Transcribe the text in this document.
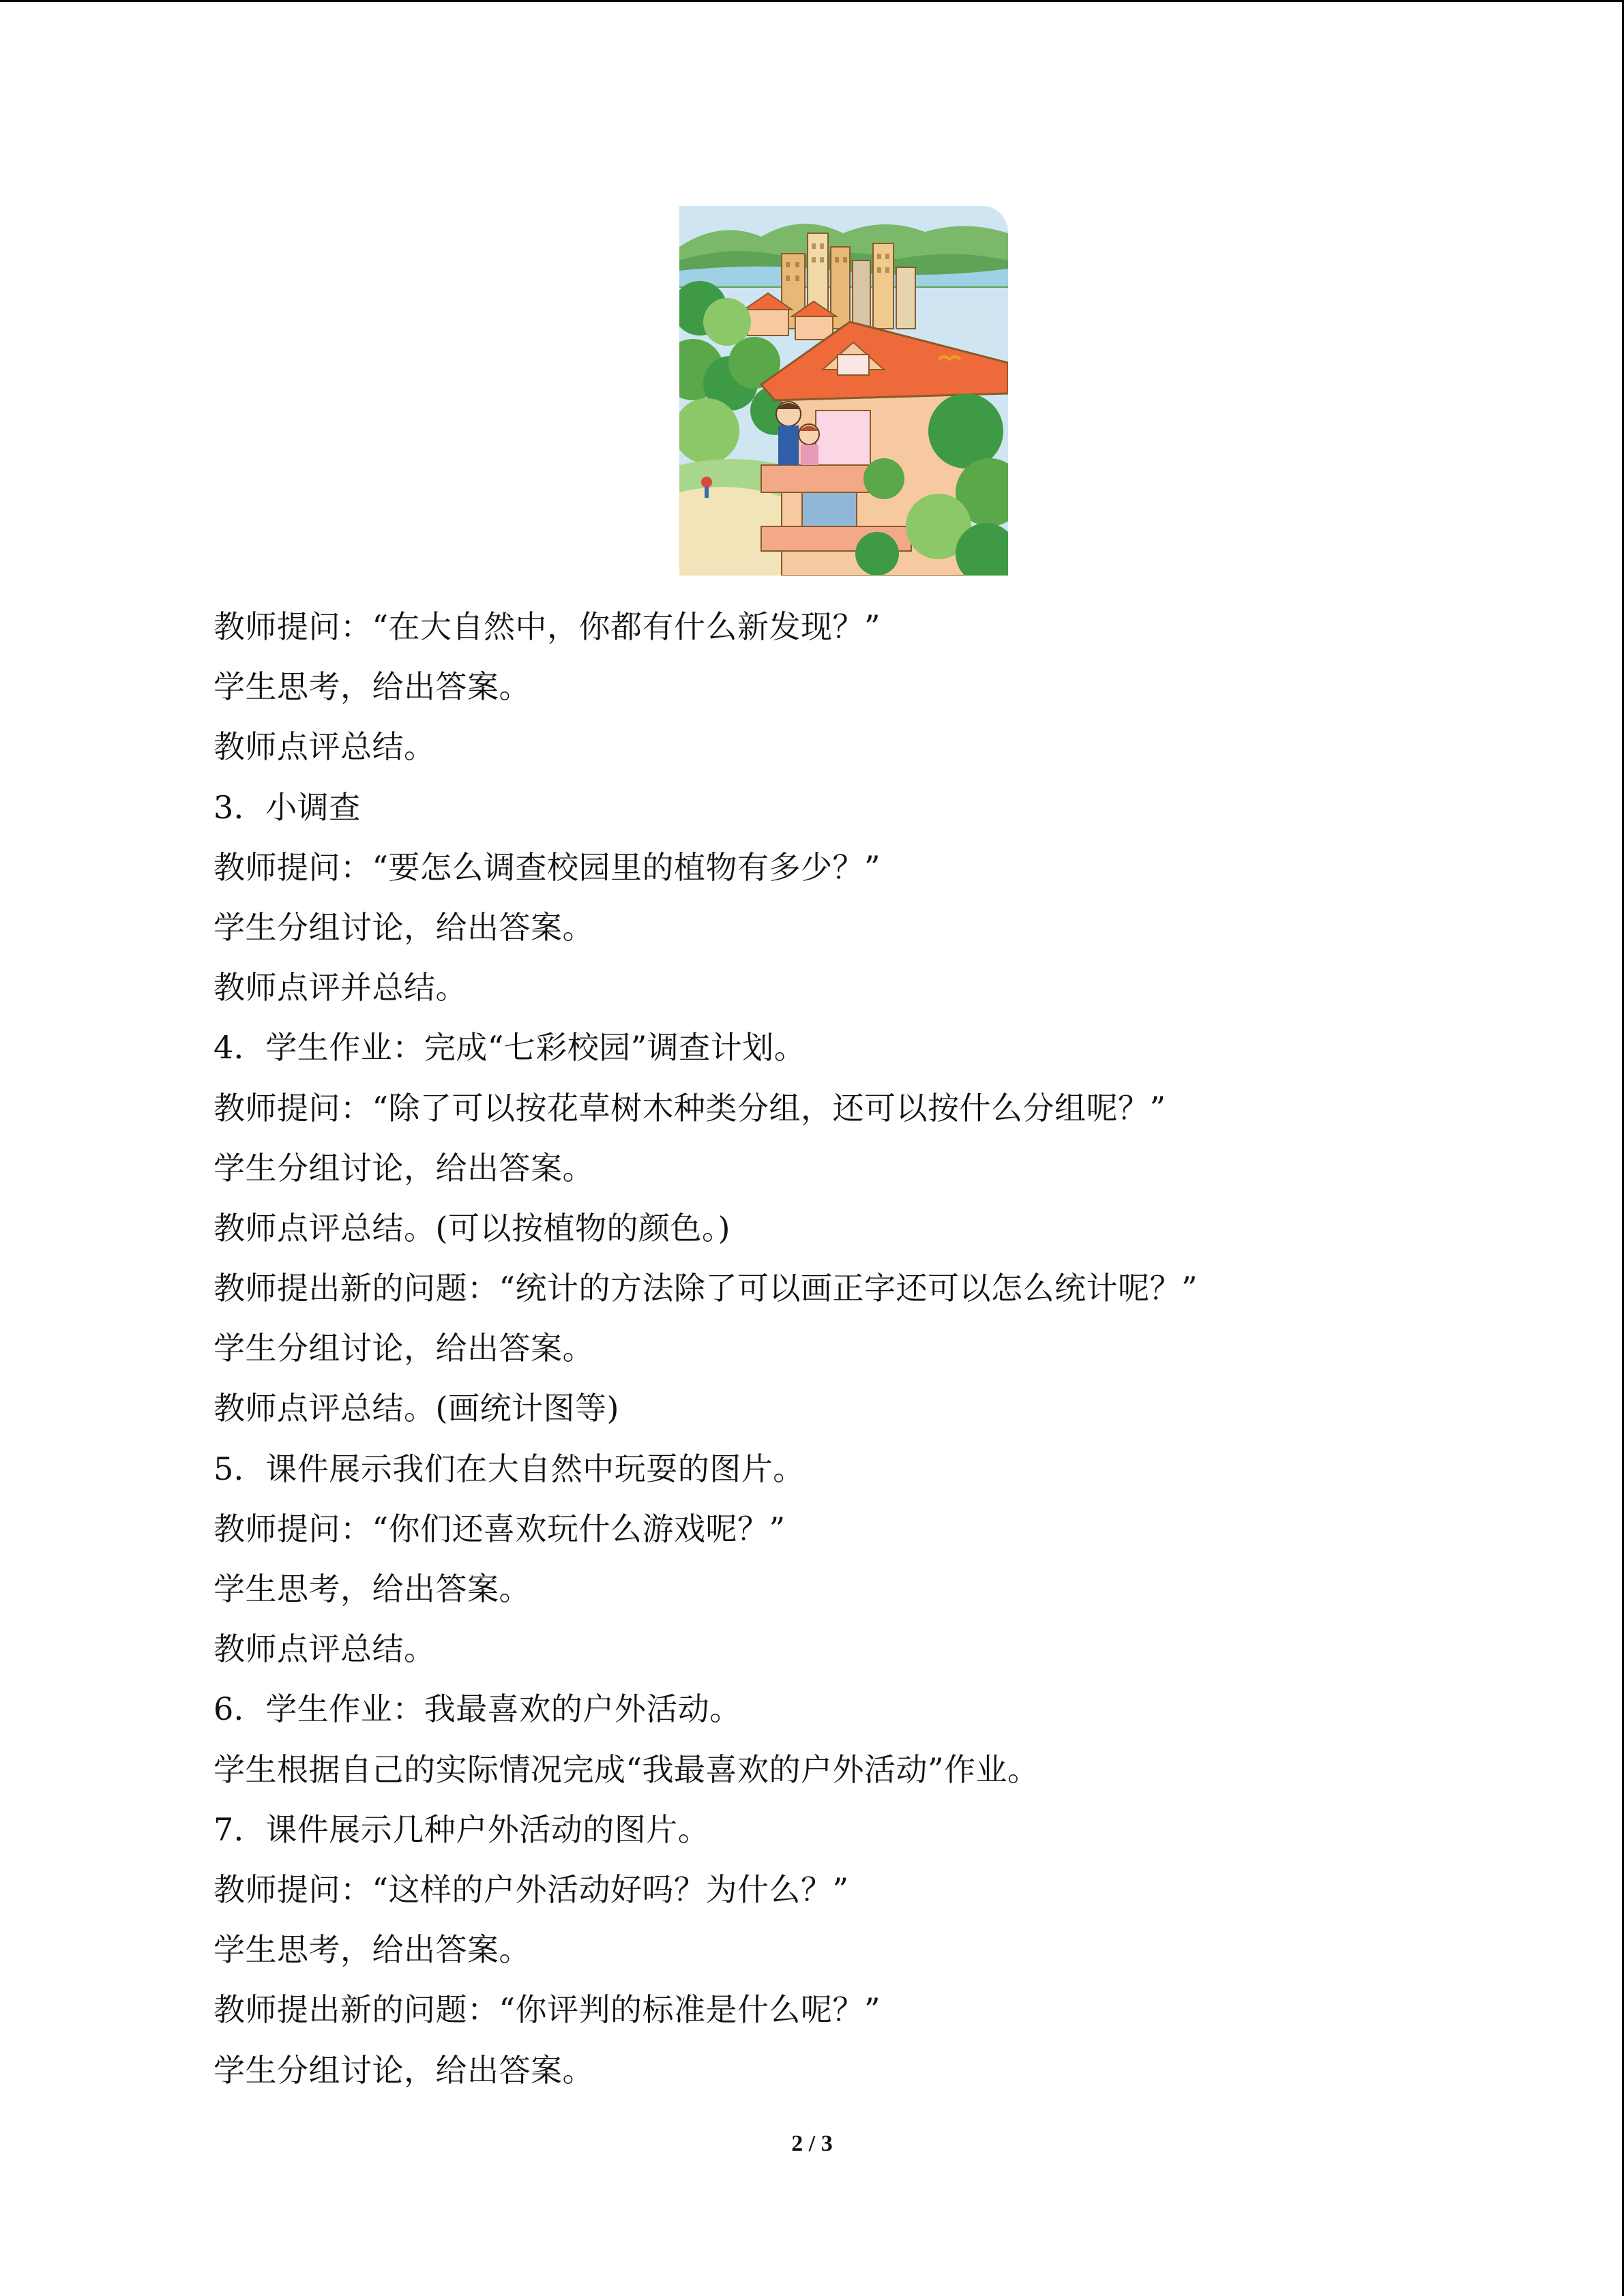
教师提问：“在大自然中，你都有什么新发现？”
学生思考，给出答案。
教师点评总结。
3．小调查
教师提问：“要怎么调查校园里的植物有多少？”
学生分组讨论，给出答案。
教师点评并总结。
4．学生作业：完成“七彩校园”调查计划。
教师提问：“除了可以按花草树木种类分组，还可以按什么分组呢？”
学生分组讨论，给出答案。
教师点评总结。(可以按植物的颜色。)
教师提出新的问题：“统计的方法除了可以画正字还可以怎么统计呢？”
学生分组讨论，给出答案。
教师点评总结。(画统计图等)
5．课件展示我们在大自然中玩耍的图片。
教师提问：“你们还喜欢玩什么游戏呢？”
学生思考，给出答案。
教师点评总结。
6．学生作业：我最喜欢的户外活动。
学生根据自己的实际情况完成“我最喜欢的户外活动”作业。
7．课件展示几种户外活动的图片。
教师提问：“这样的户外活动好吗？为什么？”
学生思考，给出答案。
教师提出新的问题：“你评判的标准是什么呢？”
学生分组讨论，给出答案。
2 / 3
